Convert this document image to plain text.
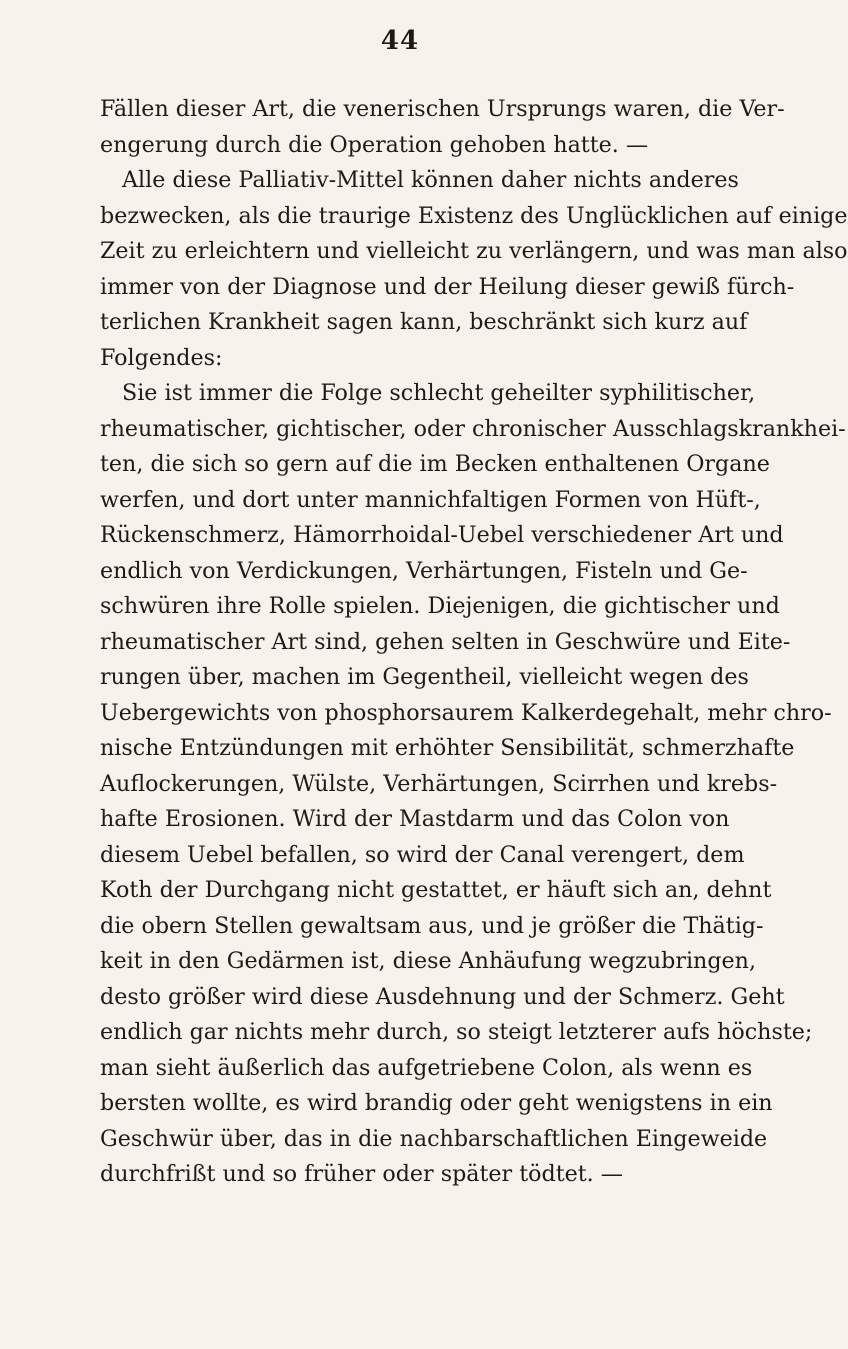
44
Fällen dieser Art, die venerischen Ursprungs waren, die Ver-
engerung durch die Operation gehoben hatte. —
Alle diese Palliativ-Mittel können daher nichts anderes
bezwecken, als die traurige Existenz des Unglücklichen auf einige
Zeit zu erleichtern und vielleicht zu verlängern, und was man also
immer von der Diagnose und der Heilung dieser gewiß fürch-
terlichen Krankheit sagen kann, beschränkt sich kurz auf
Folgendes:
Sie ist immer die Folge schlecht geheilter syphilitischer,
rheumatischer, gichtischer, oder chronischer Ausschlagskrankhei-
ten, die sich so gern auf die im Becken enthaltenen Organe
werfen, und dort unter mannichfaltigen Formen von Hüft-,
Rückenschmerz, Hämorrhoidal-Uebel verschiedener Art und
endlich von Verdickungen, Verhärtungen, Fisteln und Ge-
schwüren ihre Rolle spielen. Diejenigen, die gichtischer und
rheumatischer Art sind, gehen selten in Geschwüre und Eite-
rungen über, machen im Gegentheil, vielleicht wegen des
Uebergewichts von phosphorsaurem Kalkerdegehalt, mehr chro-
nische Entzündungen mit erhöhter Sensibilität, schmerzhafte
Auflockerungen, Wülste, Verhärtungen, Scirrhen und krebs-
hafte Erosionen. Wird der Mastdarm und das Colon von
diesem Uebel befallen, so wird der Canal verengert, dem
Koth der Durchgang nicht gestattet, er häuft sich an, dehnt
die obern Stellen gewaltsam aus, und je größer die Thätig-
keit in den Gedärmen ist, diese Anhäufung wegzubringen,
desto größer wird diese Ausdehnung und der Schmerz. Geht
endlich gar nichts mehr durch, so steigt letzterer aufs höchste;
man sieht äußerlich das aufgetriebene Colon, als wenn es
bersten wollte, es wird brandig oder geht wenigstens in ein
Geschwür über, das in die nachbarschaftlichen Eingeweide
durchfrißt und so früher oder später tödtet. —
